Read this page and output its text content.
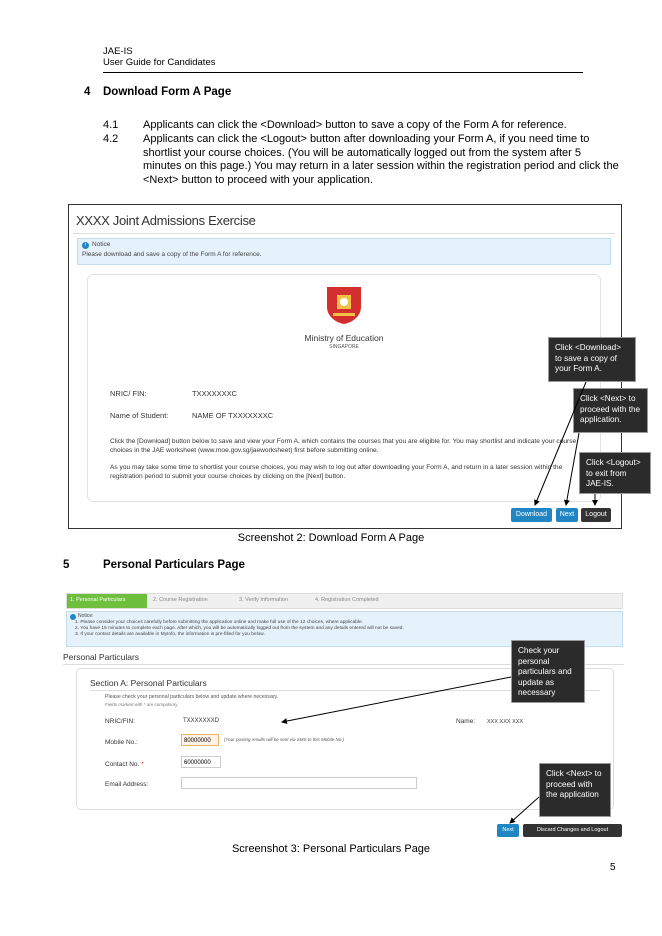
JAE-IS
User Guide for Candidates
4 Download Form A Page
4.1 Applicants can click the <Download> button to save a copy of the Form A for reference.
4.2 Applicants can click the <Logout> button after downloading your Form A, if you need time to shortlist your course choices. (You will be automatically logged out from the system after 5 minutes on this page.) You may return in a later session within the registration period and click the <Next> button to proceed with your application.
XXXX Joint Admissions Exercise
i Notice
Please download and save a copy of the Form A for reference.
Ministry of Education
SINGAPORE
NRIC/ FIN:	TXXXXXXXC
Name of Student:	NAME OF TXXXXXXXC
Click the [Download] button below to save and view your Form A, which contains the courses that you are eligible for. You may shortlist and indicate your course choices in the JAE worksheet (www.moe.gov.sg/jaeworksheet) first before submitting online.
As you may take some time to shortlist your course choices, you may wish to log out after downloading your Form A, and return in a later session within the registration period to submit your course choices by clicking on the [Next] button.
Download	Next	Logout
Click <Download> to save a copy of your Form A.
Click <Next> to proceed with the application.
Click <Logout> to exit from JAE-IS.
Screenshot 2: Download Form A Page
5	Personal Particulars Page
1. Personal Particulars	2. Course Registration	3. Verify Information	4. Registration Completed
Notice:
1. Please consider your choices carefully before submitting the application online and make full use of the 12 choices, where applicable.
2. You have 15 minutes to complete each page. After which, you will be automatically logged out from the system and any details entered will not be saved.
3. If your contact details are available in MyInfo, the information is pre-filled for you below.
Personal Particulars
Section A: Personal Particulars
Please check your personal particulars below and update where necessary.
Fields marked with * are compulsory.
NRIC/FIN:	TXXXXXXXD	Name: XXX XXX XXX
Mobile No.:	80000000	(Your posting results will be sent via SMS to this Mobile No.)
Contact No. *	60000000
Email Address:
Next	Discard Changes and Logout
Check your personal particulars and update as necessary
Click <Next> to proceed with the application
Screenshot 3: Personal Particulars Page
5
